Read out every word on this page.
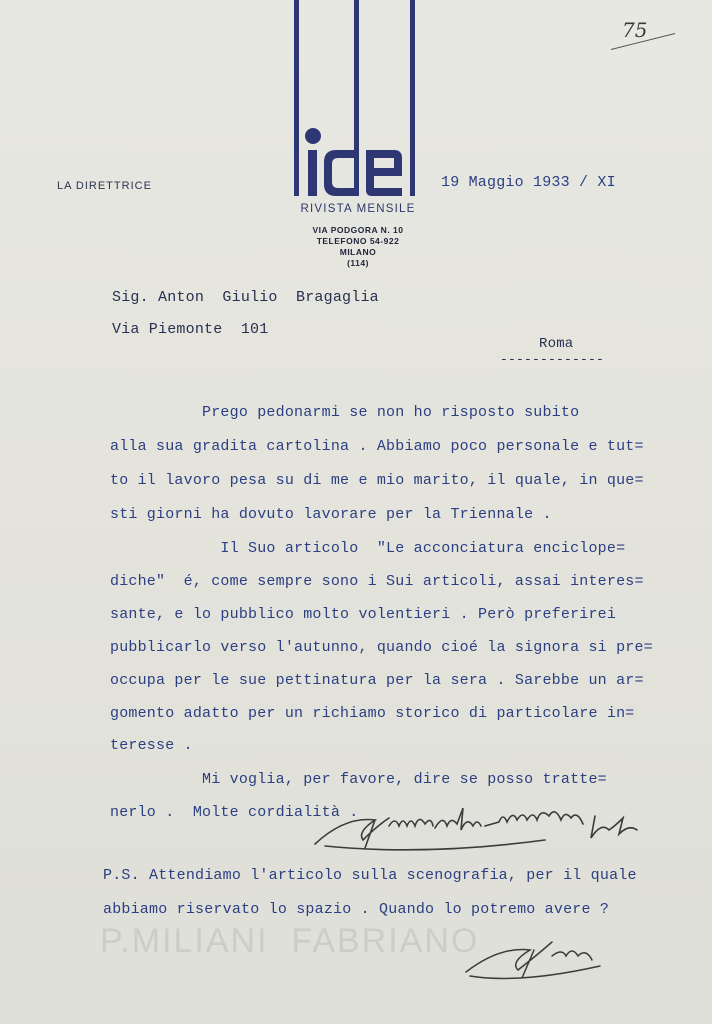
75
LA DIRETTRICE
RIVISTA MENSILE
VIA PODGORA N. 10
TELEFONO 54-922
MILANO
(114)
19 Maggio 1933 / XI
Sig. Anton  Giulio  Bragaglia
Via Piemonte  101
Roma
-------------
Prego pedonarmi se non ho risposto subito
alla sua gradita cartolina . Abbiamo poco personale e tut=
to il lavoro pesa su di me e mio marito, il quale, in que=
sti giorni ha dovuto lavorare per la Triennale .
Il Suo articolo  "Le acconciatura enciclope=
diche"  é, come sempre sono i Sui articoli, assai interes=
sante, e lo pubblico molto volentieri . Però preferirei
pubblicarlo verso l'autunno, quando cioé la signora si pre=
occupa per le sue pettinatura per la sera . Sarebbe un ar=
gomento adatto per un richiamo storico di particolare in=
teresse .
Mi voglia, per favore, dire se posso tratte=
nerlo .  Molte cordialità .
P.S. Attendiamo l'articolo sulla scenografia, per il quale
abbiamo riservato lo spazio . Quando lo potremo avere ?
P.MILIANI  FABRIANO
